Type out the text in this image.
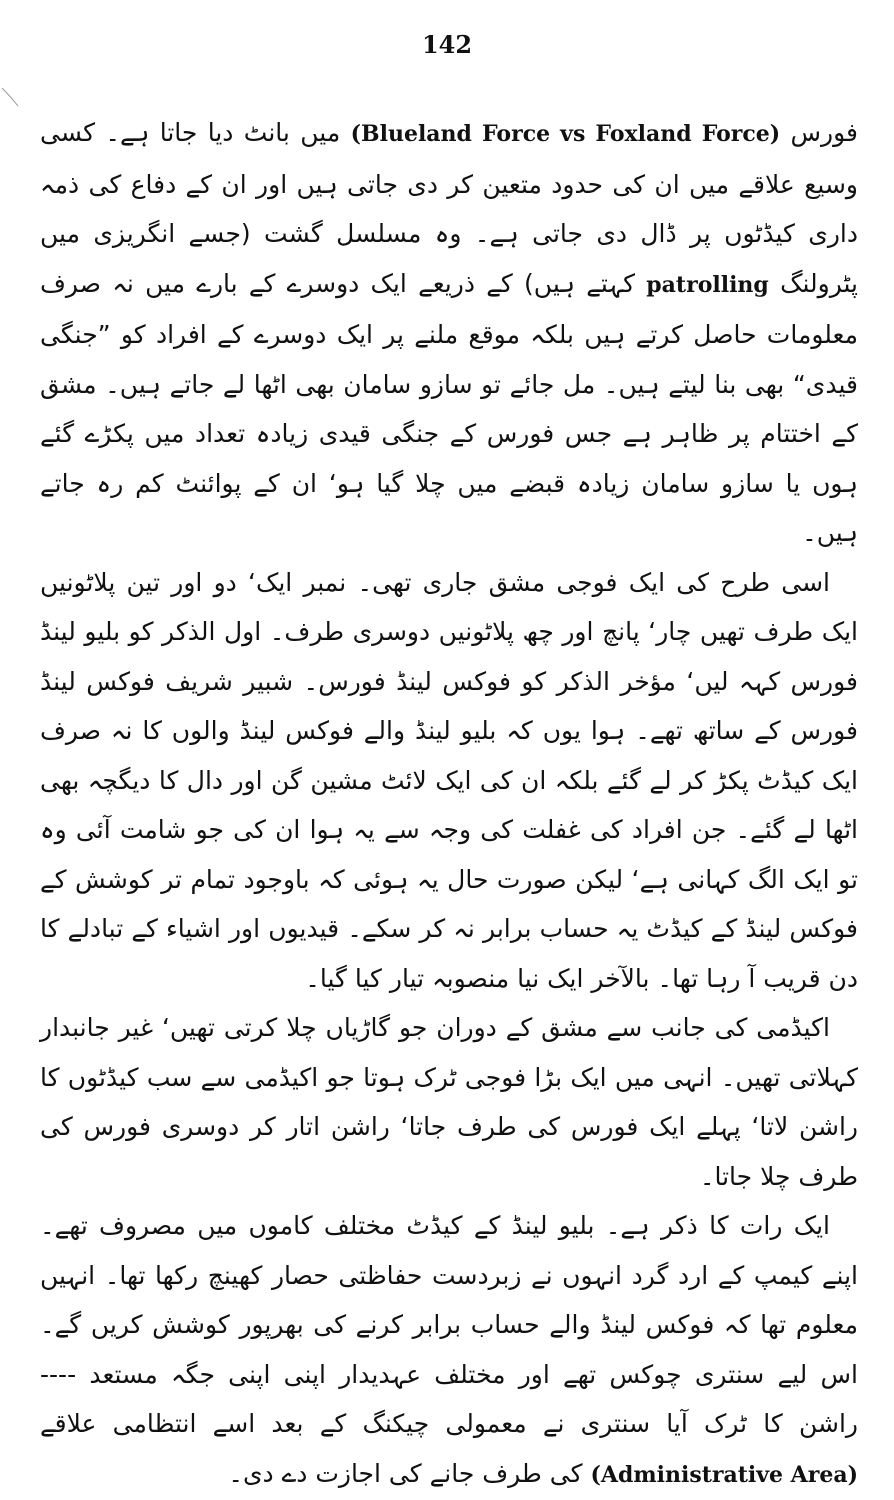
142

فورس (Blueland Force vs Foxland Force) میں بانٹ دیا جاتا ہے۔ کسی وسیع علاقے میں ان کی حدود متعین کر دی جاتی ہیں اور ان کے دفاع کی ذمہ داری کیڈٹوں پر ڈال دی جاتی ہے۔ وہ مسلسل گشت (جسے انگریزی میں پٹرولنگ patrolling کہتے ہیں) کے ذریعے ایک دوسرے کے بارے میں نہ صرف معلومات حاصل کرتے ہیں بلکہ موقع ملنے پر ایک دوسرے کے افراد کو ”جنگی قیدی“ بھی بنا لیتے ہیں۔ مل جائے تو سازو سامان بھی اٹھا لے جاتے ہیں۔ مشق کے اختتام پر ظاہر ہے جس فورس کے جنگی قیدی زیادہ تعداد میں پکڑے گئے ہوں یا سازو سامان زیادہ قبضے میں چلا گیا ہو‘ ان کے پوائنٹ کم رہ جاتے ہیں۔

اسی طرح کی ایک فوجی مشق جاری تھی۔ نمبر ایک‘ دو اور تین پلاٹونیں ایک طرف تھیں چار‘ پانچ اور چھ پلاٹونیں دوسری طرف۔ اول الذکر کو بلیو لینڈ فورس کہہ لیں‘ مؤخر الذکر کو فوکس لینڈ فورس۔ شبیر شریف فوکس لینڈ فورس کے ساتھ تھے۔ ہوا یوں کہ بلیو لینڈ والے فوکس لینڈ والوں کا نہ صرف ایک کیڈٹ پکڑ کر لے گئے بلکہ ان کی ایک لائٹ مشین گن اور دال کا دیگچہ بھی اٹھا لے گئے۔ جن افراد کی غفلت کی وجہ سے یہ ہوا ان کی جو شامت آئی وہ تو ایک الگ کہانی ہے‘ لیکن صورت حال یہ ہوئی کہ باوجود تمام تر کوشش کے فوکس لینڈ کے کیڈٹ یہ حساب برابر نہ کر سکے۔ قیدیوں اور اشیاء کے تبادلے کا دن قریب آ رہا تھا۔ بالآخر ایک نیا منصوبہ تیار کیا گیا۔

اکیڈمی کی جانب سے مشق کے دوران جو گاڑیاں چلا کرتی تھیں‘ غیر جانبدار کہلاتی تھیں۔ انہی میں ایک بڑا فوجی ٹرک ہوتا جو اکیڈمی سے سب کیڈٹوں کا راشن لاتا‘ پہلے ایک فورس کی طرف جاتا‘ راشن اتار کر دوسری فورس کی طرف چلا جاتا۔

ایک رات کا ذکر ہے۔ بلیو لینڈ کے کیڈٹ مختلف کاموں میں مصروف تھے۔ اپنے کیمپ کے ارد گرد انہوں نے زبردست حفاظتی حصار کھینچ رکھا تھا۔ انہیں معلوم تھا کہ فوکس لینڈ والے حساب برابر کرنے کی بھرپور کوشش کریں گے۔ اس لیے سنتری چوکس تھے اور مختلف عہدیدار اپنی اپنی جگہ مستعد ---- راشن کا ٹرک آیا سنتری نے معمولی چیکنگ کے بعد اسے انتظامی علاقے (Administrative Area) کی طرف جانے کی اجازت دے دی۔
